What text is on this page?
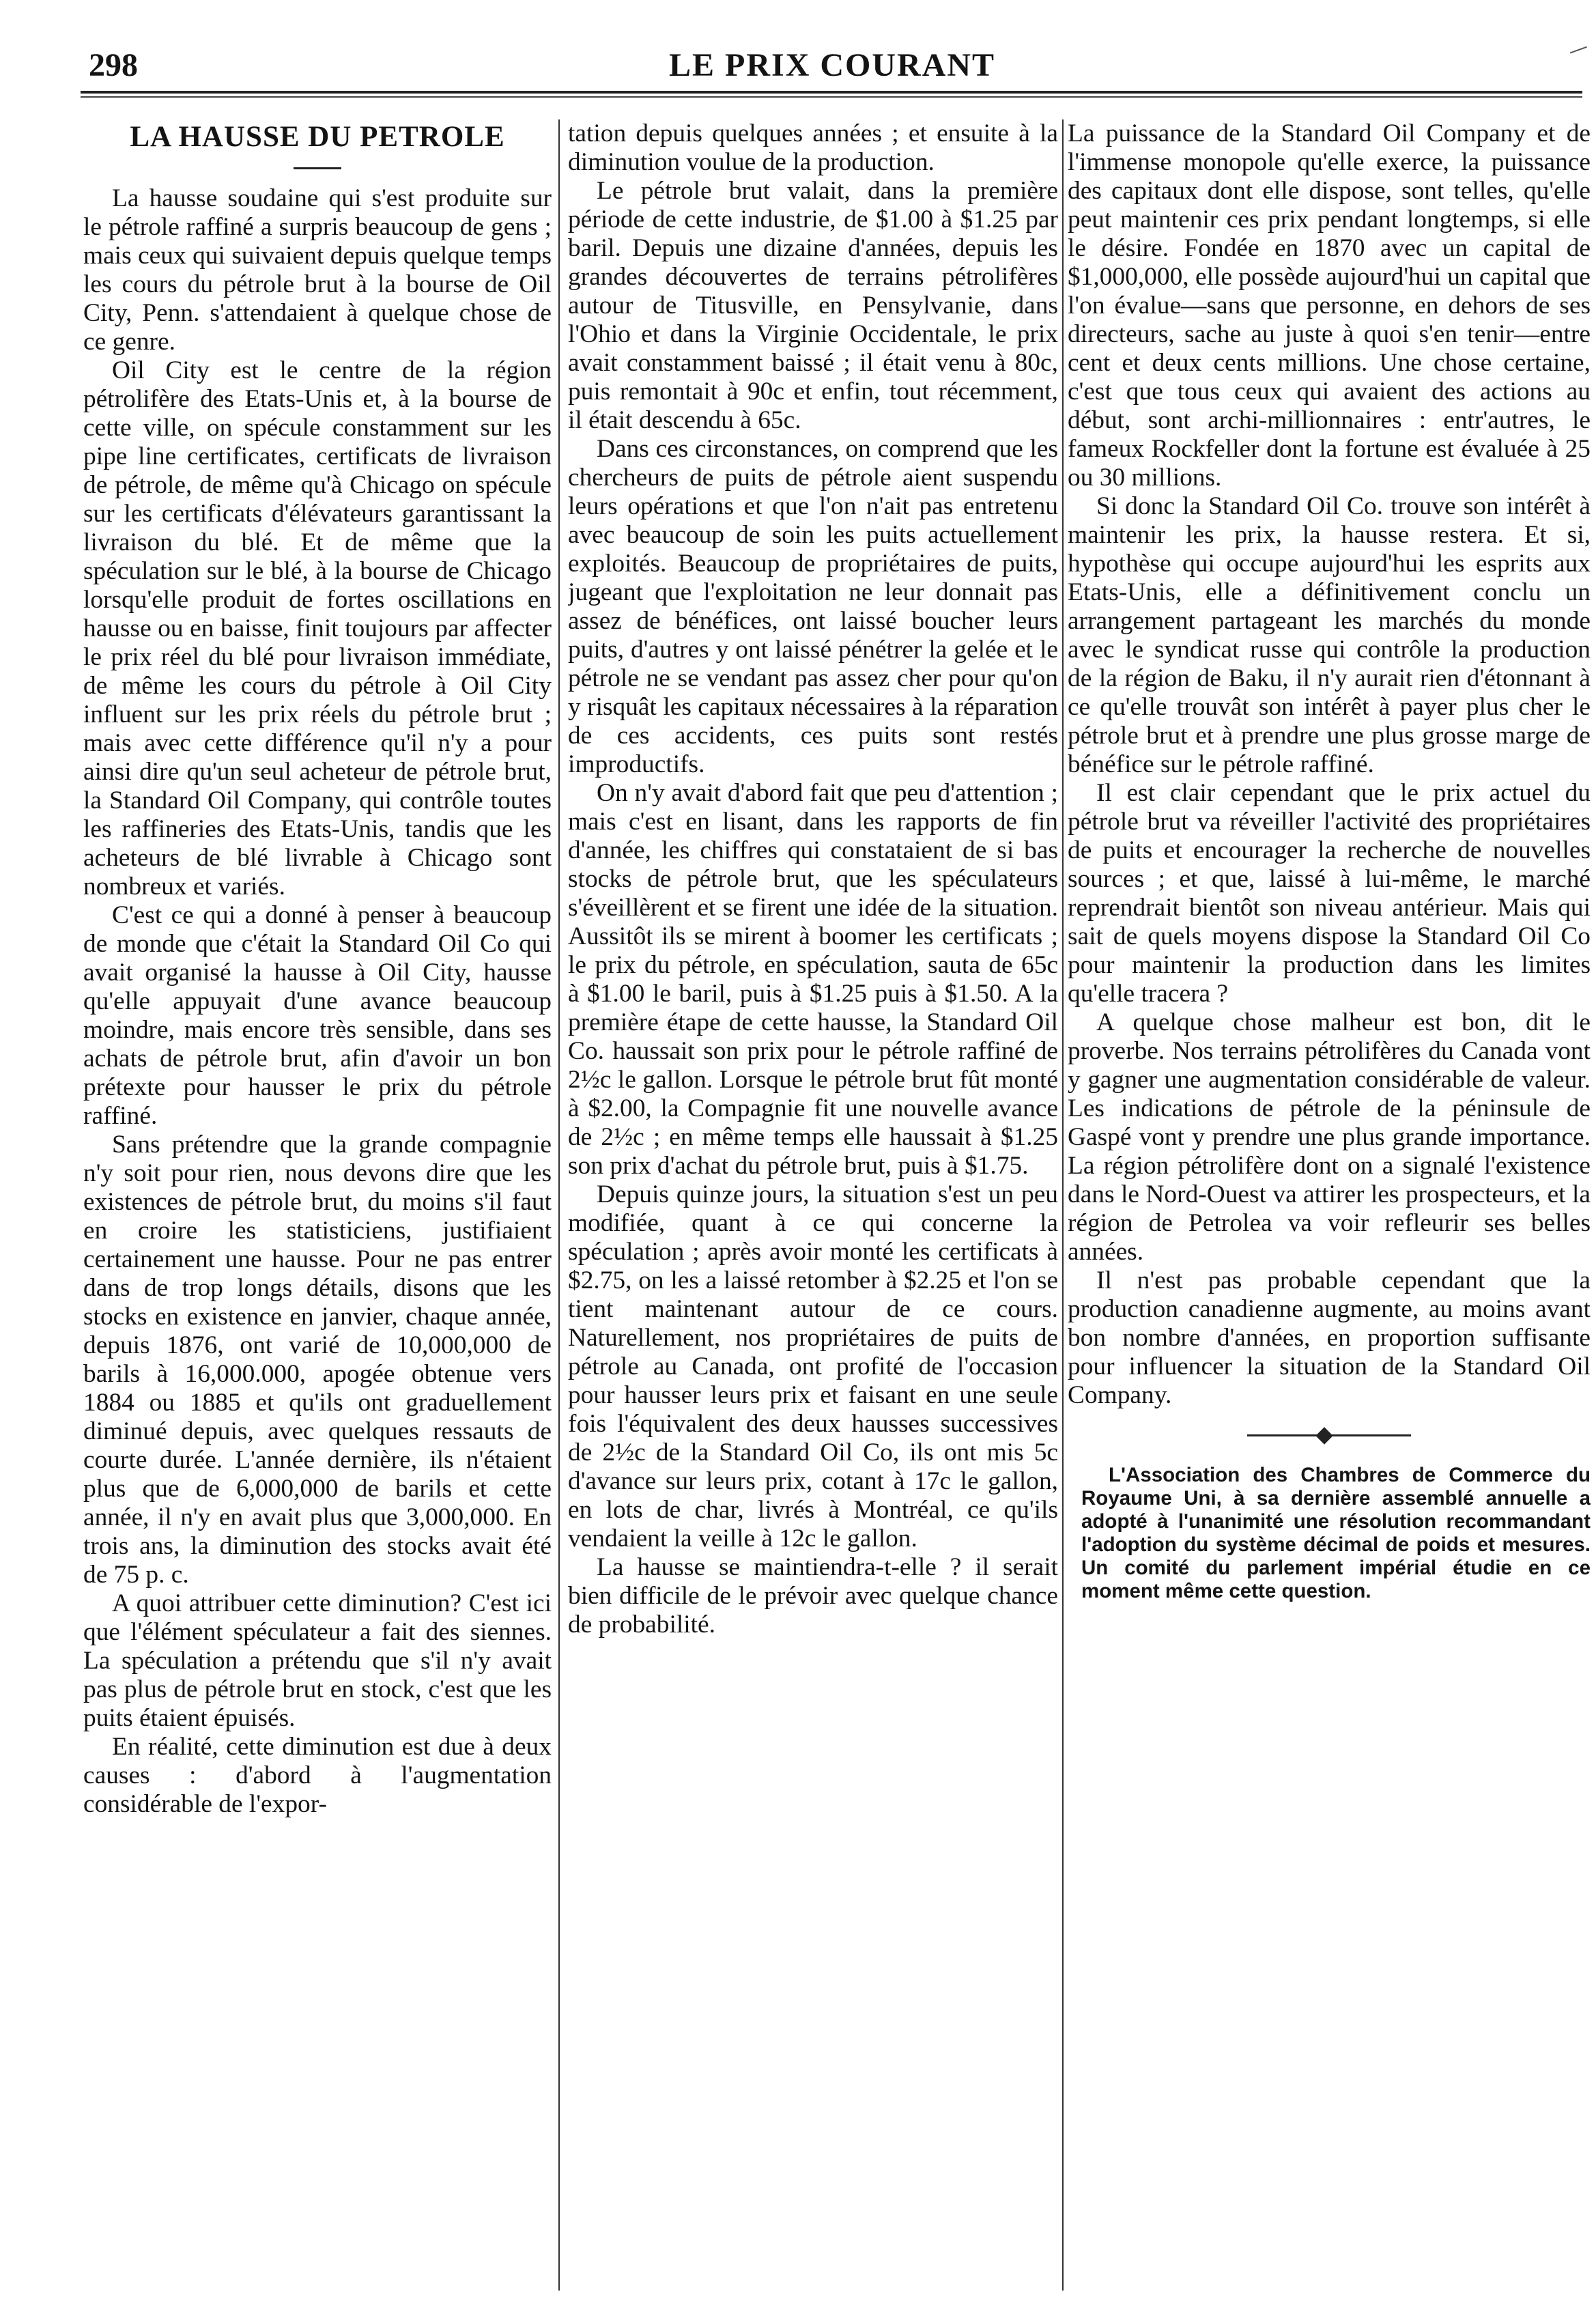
298	LE PRIX COURANT
LA HAUSSE DU PETROLE

La hausse soudaine qui s'est produite sur le pétrole raffiné a surpris beaucoup de gens ; mais ceux qui suivaient depuis quelque temps les cours du pétrole brut à la bourse de Oil City, Penn. s'attendaient à quelque chose de ce genre.

Oil City est le centre de la région pétrolifère des Etats-Unis et, à la bourse de cette ville, on spécule constamment sur les pipe line certificates, certificats de livraison de pétrole, de même qu'à Chicago on spécule sur les certificats d'élévateurs garantissant la livraison du blé. Et de même que la spéculation sur le blé, à la bourse de Chicago lorsqu'elle produit de fortes oscillations en hausse ou en baisse, finit toujours par affecter le prix réel du blé pour livraison immédiate, de même les cours du pétrole à Oil City influent sur les prix réels du pétrole brut ; mais avec cette différence qu'il n'y a pour ainsi dire qu'un seul acheteur de pétrole brut, la Standard Oil Company, qui contrôle toutes les raffineries des Etats-Unis, tandis que les acheteurs de blé livrable à Chicago sont nombreux et variés.

C'est ce qui a donné à penser à beaucoup de monde que c'était la Standard Oil Co qui avait organisé la hausse à Oil City, hausse qu'elle appuyait d'une avance beaucoup moindre, mais encore très sensible, dans ses achats de pétrole brut, afin d'avoir un bon prétexte pour hausser le prix du pétrole raffiné.

Sans prétendre que la grande compagnie n'y soit pour rien, nous devons dire que les existences de pétrole brut, du moins s'il faut en croire les statisticiens, justifiaient certainement une hausse. Pour ne pas entrer dans de trop longs détails, disons que les stocks en existence en janvier, chaque année, depuis 1876, ont varié de 10,000,000 de barils à 16,000.000, apogée obtenue vers 1884 ou 1885 et qu'ils ont graduellement diminué depuis, avec quelques ressauts de courte durée. L'année dernière, ils n'étaient plus que de 6,000,000 de barils et cette année, il n'y en avait plus que 3,000,000. En trois ans, la diminution des stocks avait été de 75 p. c.

A quoi attribuer cette diminution? C'est ici que l'élément spéculateur a fait des siennes. La spéculation a prétendu que s'il n'y avait pas plus de pétrole brut en stock, c'est que les puits étaient épuisés.

En réalité, cette diminution est due à deux causes : d'abord à l'augmentation considérable de l'expor-

tation depuis quelques années ; et ensuite à la diminution voulue de la production.

Le pétrole brut valait, dans la première période de cette industrie, de $1.00 à $1.25 par baril. Depuis une dizaine d'années, depuis les grandes découvertes de terrains pétrolifères autour de Titusville, en Pensylvanie, dans l'Ohio et dans la Virginie Occidentale, le prix avait constamment baissé ; il était venu à 80c, puis remontait à 90c et enfin, tout récemment, il était descendu à 65c.

Dans ces circonstances, on comprend que les chercheurs de puits de pétrole aient suspendu leurs opérations et que l'on n'ait pas entretenu avec beaucoup de soin les puits actuellement exploités. Beaucoup de propriétaires de puits, jugeant que l'exploitation ne leur donnait pas assez de bénéfices, ont laissé boucher leurs puits, d'autres y ont laissé pénétrer la gelée et le pétrole ne se vendant pas assez cher pour qu'on y risquât les capitaux nécessaires à la réparation de ces accidents, ces puits sont restés improductifs.

On n'y avait d'abord fait que peu d'attention ; mais c'est en lisant, dans les rapports de fin d'année, les chiffres qui constataient de si bas stocks de pétrole brut, que les spéculateurs s'éveillèrent et se firent une idée de la situation. Aussitôt ils se mirent à boomer les certificats ; le prix du pétrole, en spéculation, sauta de 65c à $1.00 le baril, puis à $1.25 puis à $1.50. A la première étape de cette hausse, la Standard Oil Co. haussait son prix pour le pétrole raffiné de 2½c le gallon. Lorsque le pétrole brut fût monté à $2.00, la Compagnie fit une nouvelle avance de 2½c ; en même temps elle haussait à $1.25 son prix d'achat du pétrole brut, puis à $1.75.

Depuis quinze jours, la situation s'est un peu modifiée, quant à ce qui concerne la spéculation ; après avoir monté les certificats à $2.75, on les a laissé retomber à $2.25 et l'on se tient maintenant autour de ce cours. Naturellement, nos propriétaires de puits de pétrole au Canada, ont profité de l'occasion pour hausser leurs prix et faisant en une seule fois l'équivalent des deux hausses successives de 2½c de la Standard Oil Co, ils ont mis 5c d'avance sur leurs prix, cotant à 17c le gallon, en lots de char, livrés à Montréal, ce qu'ils vendaient la veille à 12c le gallon.

La hausse se maintiendra-t-elle ? il serait bien difficile de le prévoir avec quelque chance de probabilité.

La puissance de la Standard Oil Company et de l'immense monopole qu'elle exerce, la puissance des capitaux dont elle dispose, sont telles, qu'elle peut maintenir ces prix pendant longtemps, si elle le désire. Fondée en 1870 avec un capital de $1,000,000, elle possède aujourd'hui un capital que l'on évalue—sans que personne, en dehors de ses directeurs, sache au juste à quoi s'en tenir—entre cent et deux cents millions. Une chose certaine, c'est que tous ceux qui avaient des actions au début, sont archi-millionnaires : entr'autres, le fameux Rockfeller dont la fortune est évaluée à 25 ou 30 millions.

Si donc la Standard Oil Co. trouve son intérêt à maintenir les prix, la hausse restera. Et si, hypothèse qui occupe aujourd'hui les esprits aux Etats-Unis, elle a définitivement conclu un arrangement partageant les marchés du monde avec le syndicat russe qui contrôle la production de la région de Baku, il n'y aurait rien d'étonnant à ce qu'elle trouvât son intérêt à payer plus cher le pétrole brut et à prendre une plus grosse marge de bénéfice sur le pétrole raffiné.

Il est clair cependant que le prix actuel du pétrole brut va réveiller l'activité des propriétaires de puits et encourager la recherche de nouvelles sources ; et que, laissé à lui-même, le marché reprendrait bientôt son niveau antérieur. Mais qui sait de quels moyens dispose la Standard Oil Co pour maintenir la production dans les limites qu'elle tracera ?

A quelque chose malheur est bon, dit le proverbe. Nos terrains pétrolifères du Canada vont y gagner une augmentation considérable de valeur. Les indications de pétrole de la péninsule de Gaspé vont y prendre une plus grande importance. La région pétrolifère dont on a signalé l'existence dans le Nord-Ouest va attirer les prospecteurs, et la région de Petrolea va voir refleurir ses belles années.

Il n'est pas probable cependant que la production canadienne augmente, au moins avant bon nombre d'années, en proportion suffisante pour influencer la situation de la Standard Oil Company.

L'Association des Chambres de Commerce du Royaume Uni, à sa dernière assemblé annuelle a adopté à l'unanimité une résolution recommandant l'adoption du système décimal de poids et mesures. Un comité du parlement impérial étudie en ce moment même cette question.
